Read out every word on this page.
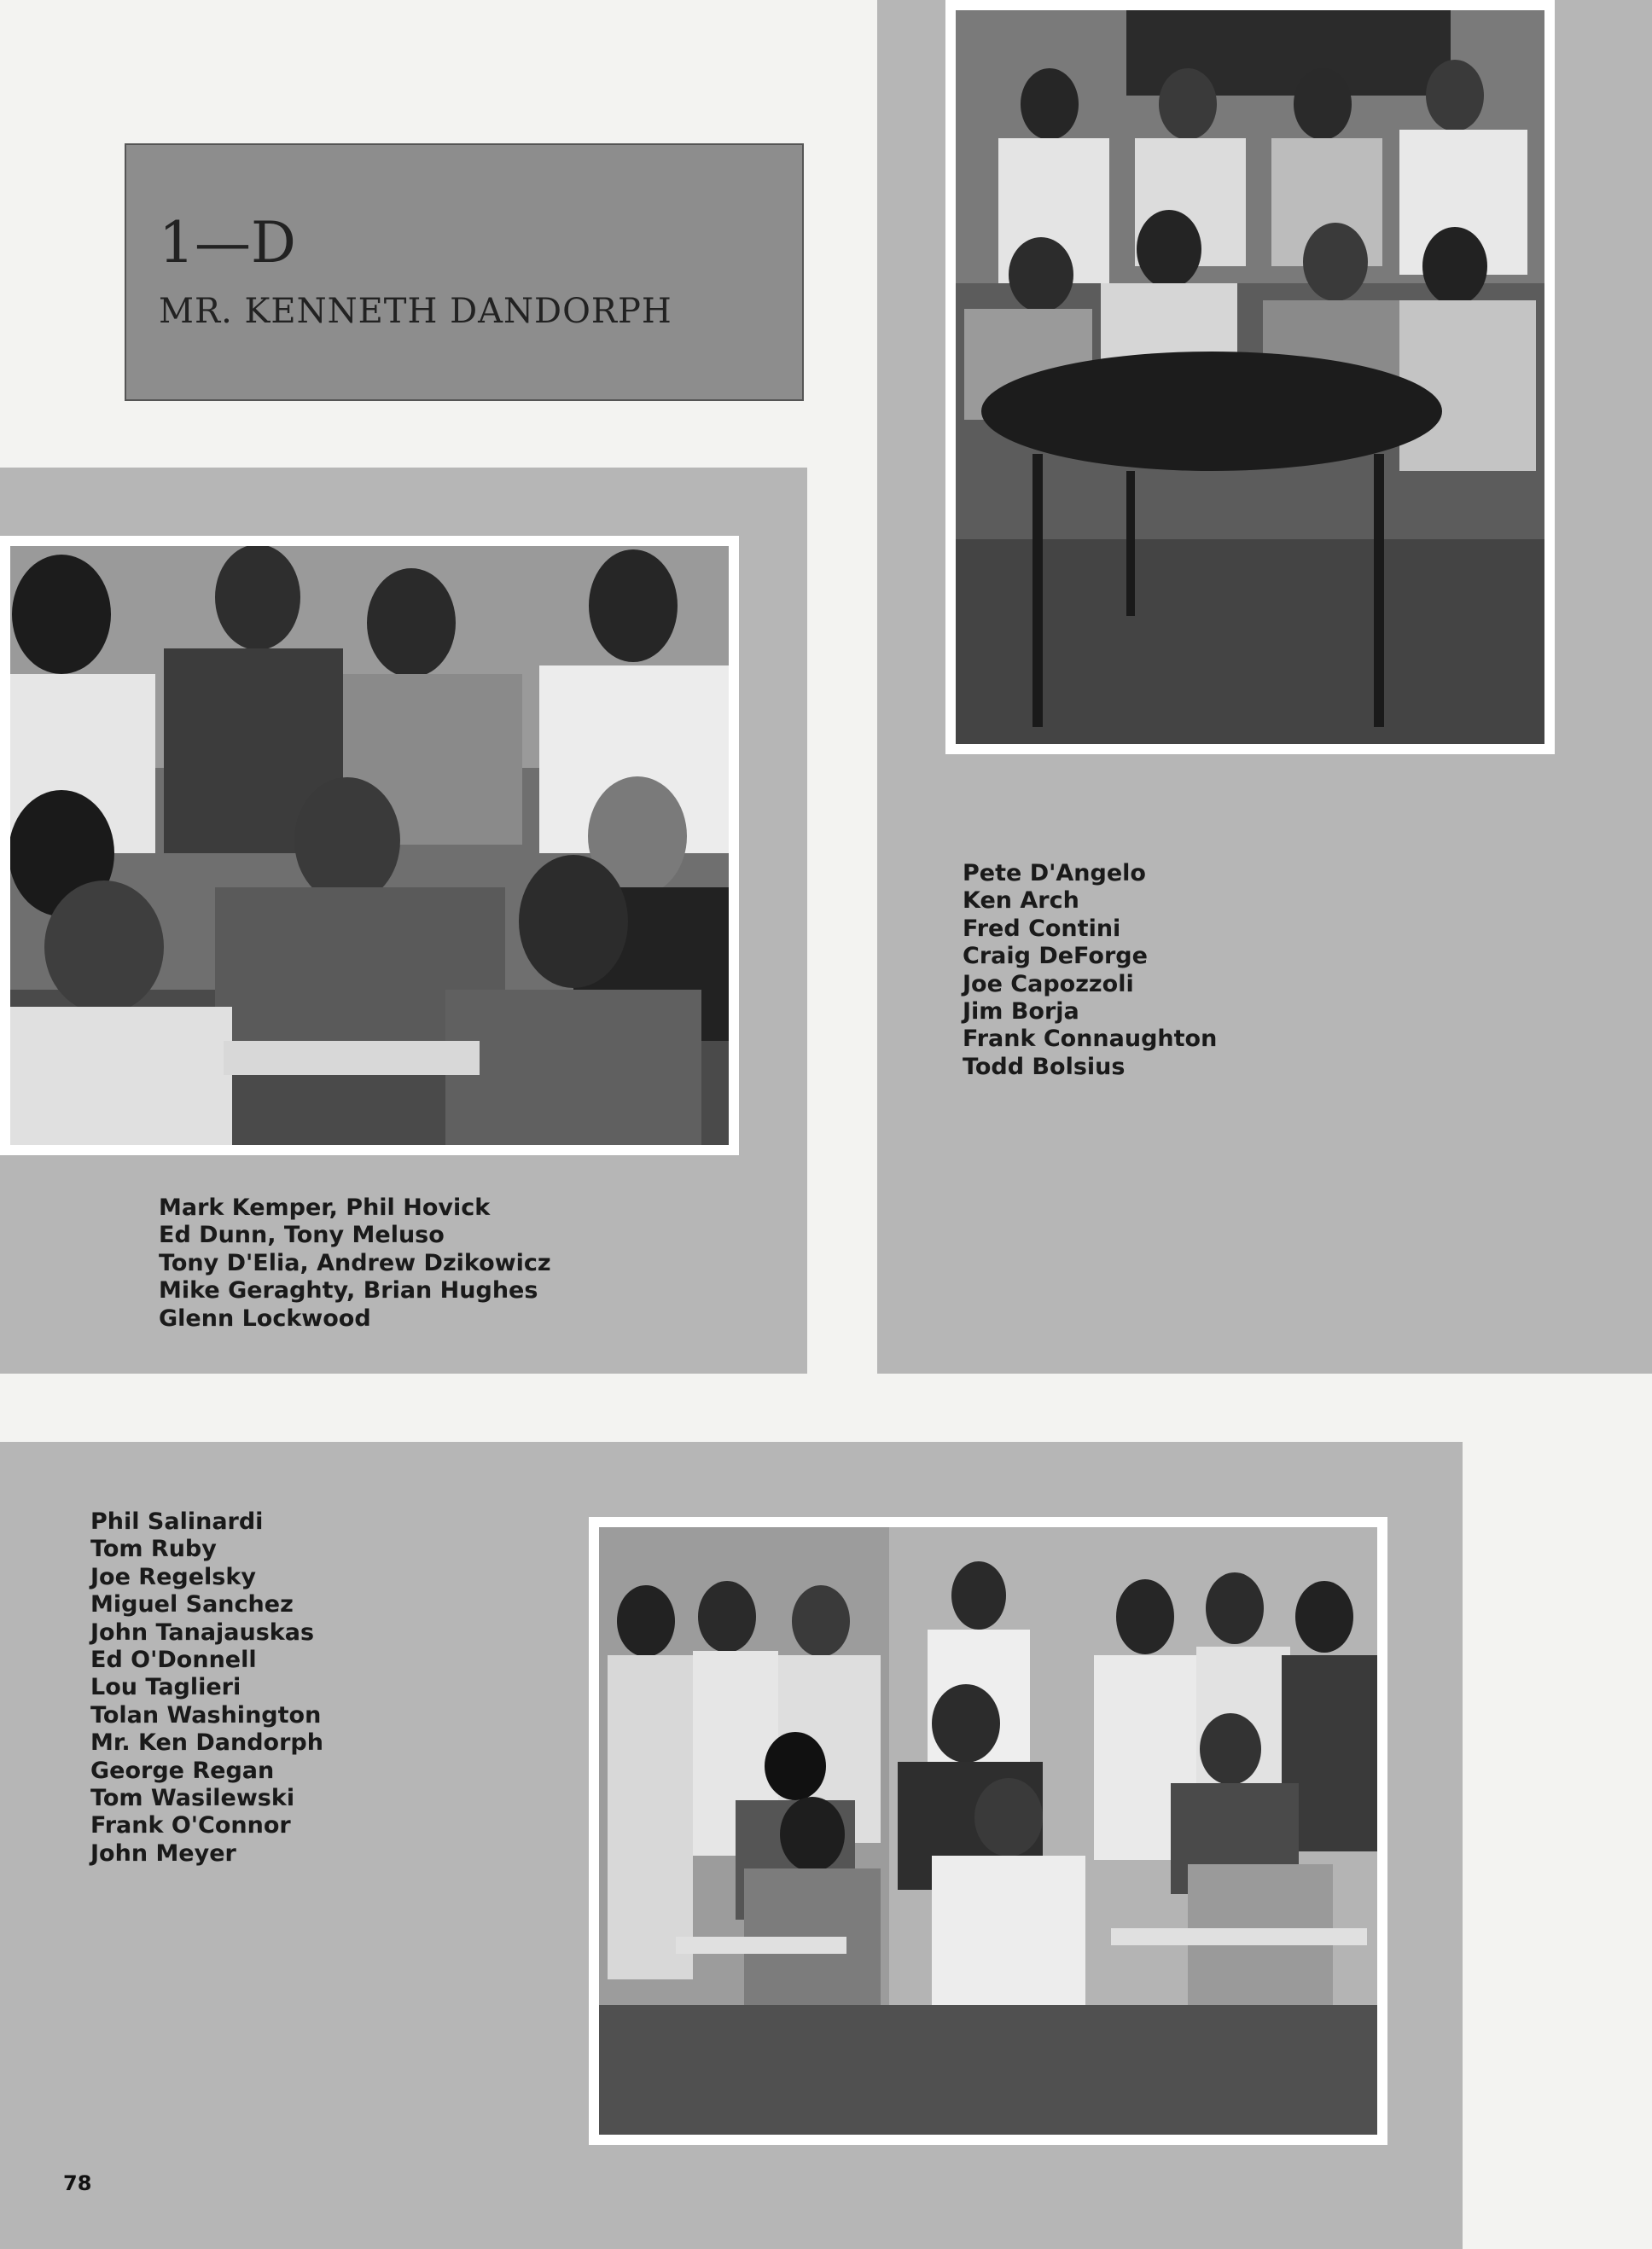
1—D
MR. KENNETH DANDORPH
Mark Kemper, Phil Hovick
Ed Dunn, Tony Meluso
Tony D'Elia, Andrew Dzikowicz
Mike Geraghty, Brian Hughes
Glenn Lockwood
Pete D'Angelo
Ken Arch
Fred Contini
Craig DeForge
Joe Capozzoli
Jim Borja
Frank Connaughton
Todd Bolsius
Phil Salinardi
Tom Ruby
Joe Regelsky
Miguel Sanchez
John Tanajauskas
Ed O'Donnell
Lou Taglieri
Tolan Washington
Mr. Ken Dandorph
George Regan
Tom Wasilewski
Frank O'Connor
John Meyer
78
